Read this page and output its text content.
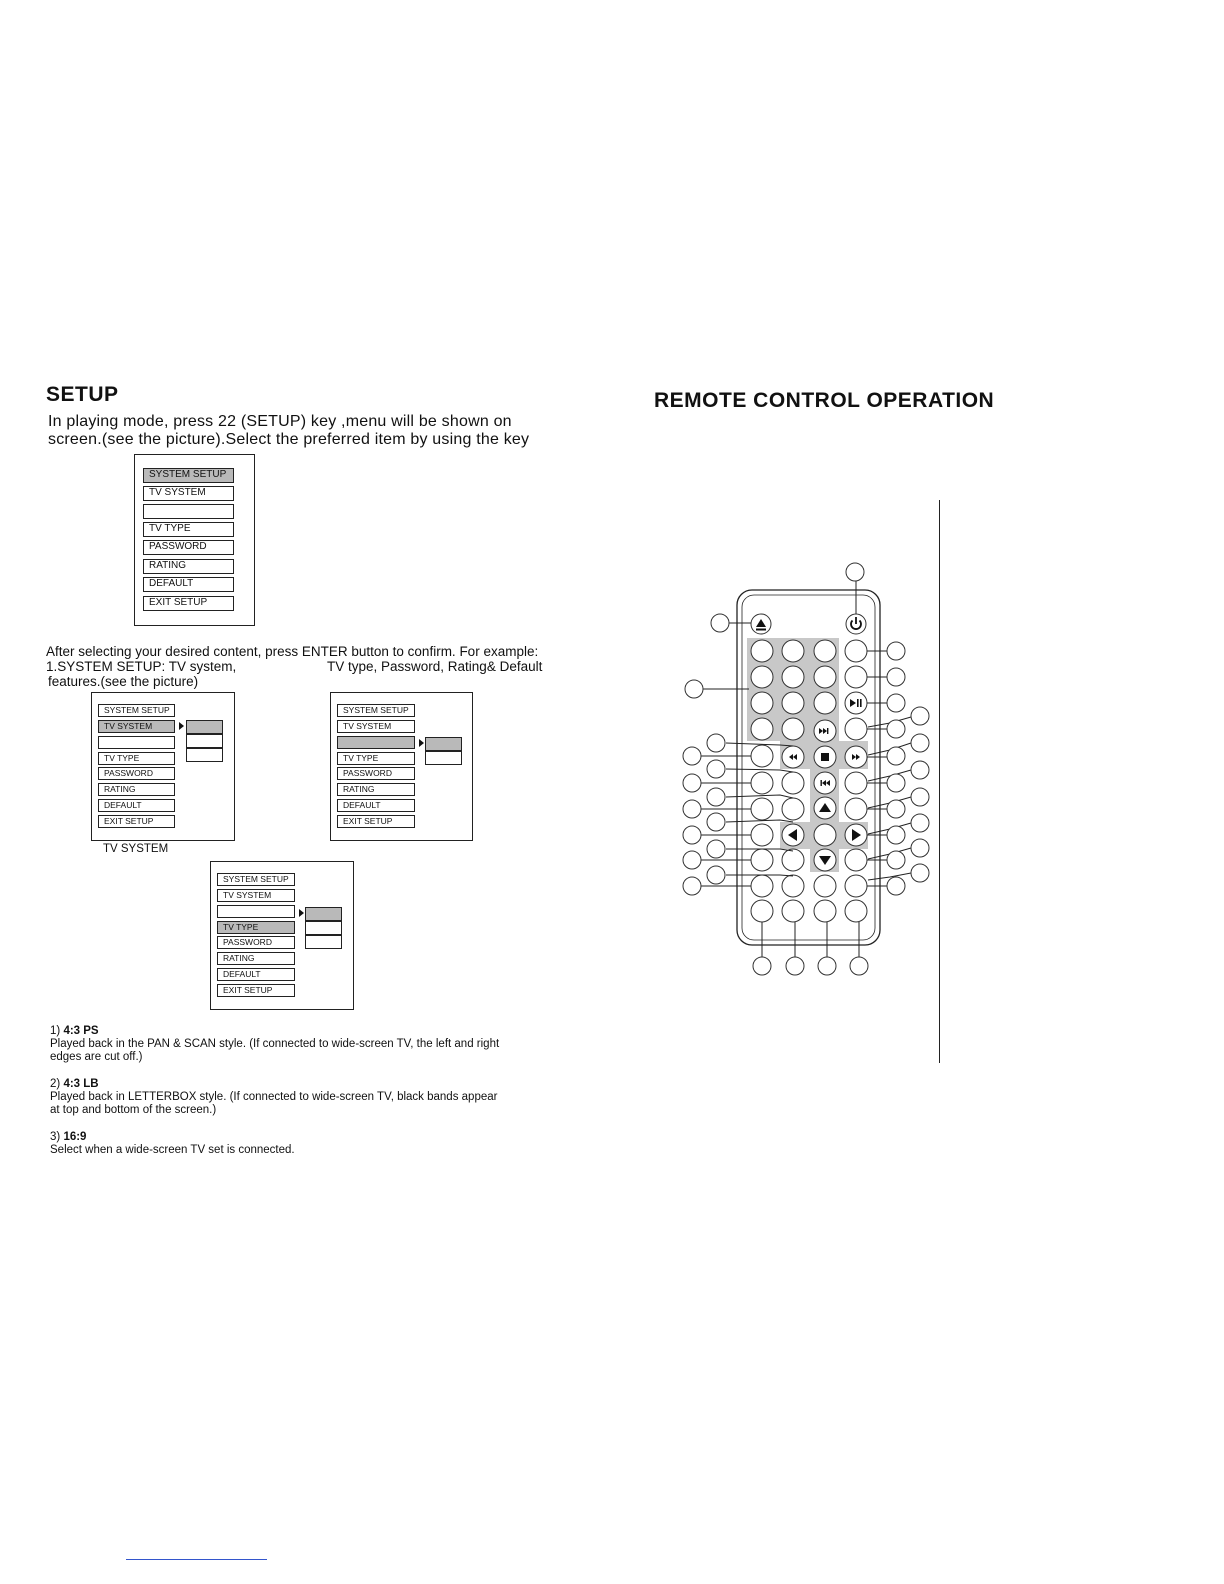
SETUP
In playing mode, press 22 (SETUP) key ,menu will be shown on
screen.(see the picture).Select the preferred item by using the key
SYSTEM SETUP
TV SYSTEM
TV TYPE
PASSWORD
RATING
DEFAULT
EXIT SETUP
After selecting your desired content, press ENTER button to confirm. For example:
1.SYSTEM SETUP: TV system,	TV type, Password, Rating& Default
features.(see the picture)
SYSTEM SETUP
TV SYSTEM
TV TYPE
PASSWORD
RATING
DEFAULT
EXIT SETUP
TV SYSTEM
SYSTEM SETUP
TV SYSTEM
TV TYPE
PASSWORD
RATING
DEFAULT
EXIT SETUP
SYSTEM SETUP
TV SYSTEM
TV TYPE
PASSWORD
RATING
DEFAULT
EXIT SETUP
1) 4:3 PS
Played back in the PAN & SCAN style. (If connected to wide-screen TV, the left and right
edges are cut off.)
2) 4:3 LB
Played back in LETTERBOX style. (If connected to wide-screen TV, black bands appear
at top and bottom of the screen.)
3) 16:9
Select when a wide-screen TV set is connected.
REMOTE CONTROL OPERATION
